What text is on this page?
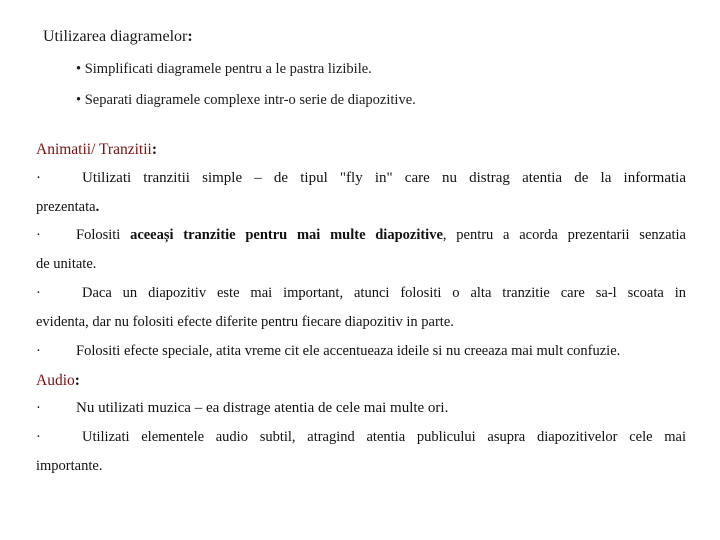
Utilizarea diagramelor:
• Simplificati diagramele pentru a le pastra lizibile.
• Separati diagramele complexe intr-o serie de diapozitive.
Animatii/ Tranzitii:
·	Utilizati tranzitii simple – de tipul "fly in" care nu distrag atentia de la informatia
prezentata.
· Folositi aceeași tranzitie pentru mai multe diapozitive, pentru a acorda prezentarii senzatia
de unitate.
·	Daca un diapozitiv este mai important, atunci folositi o alta tranzitie care sa-l scoata in
evidenta, dar nu folositi efecte diferite pentru fiecare diapozitiv in parte.
· Folositi efecte speciale, atita vreme cit ele accentueaza ideile si nu creeaza mai mult confuzie.
Audio:
· Nu utilizati muzica – ea distrage atentia de cele mai multe ori.
·	Utilizati elementele audio subtil, atragind atentia publicului asupra diapozitivelor cele mai
importante.
